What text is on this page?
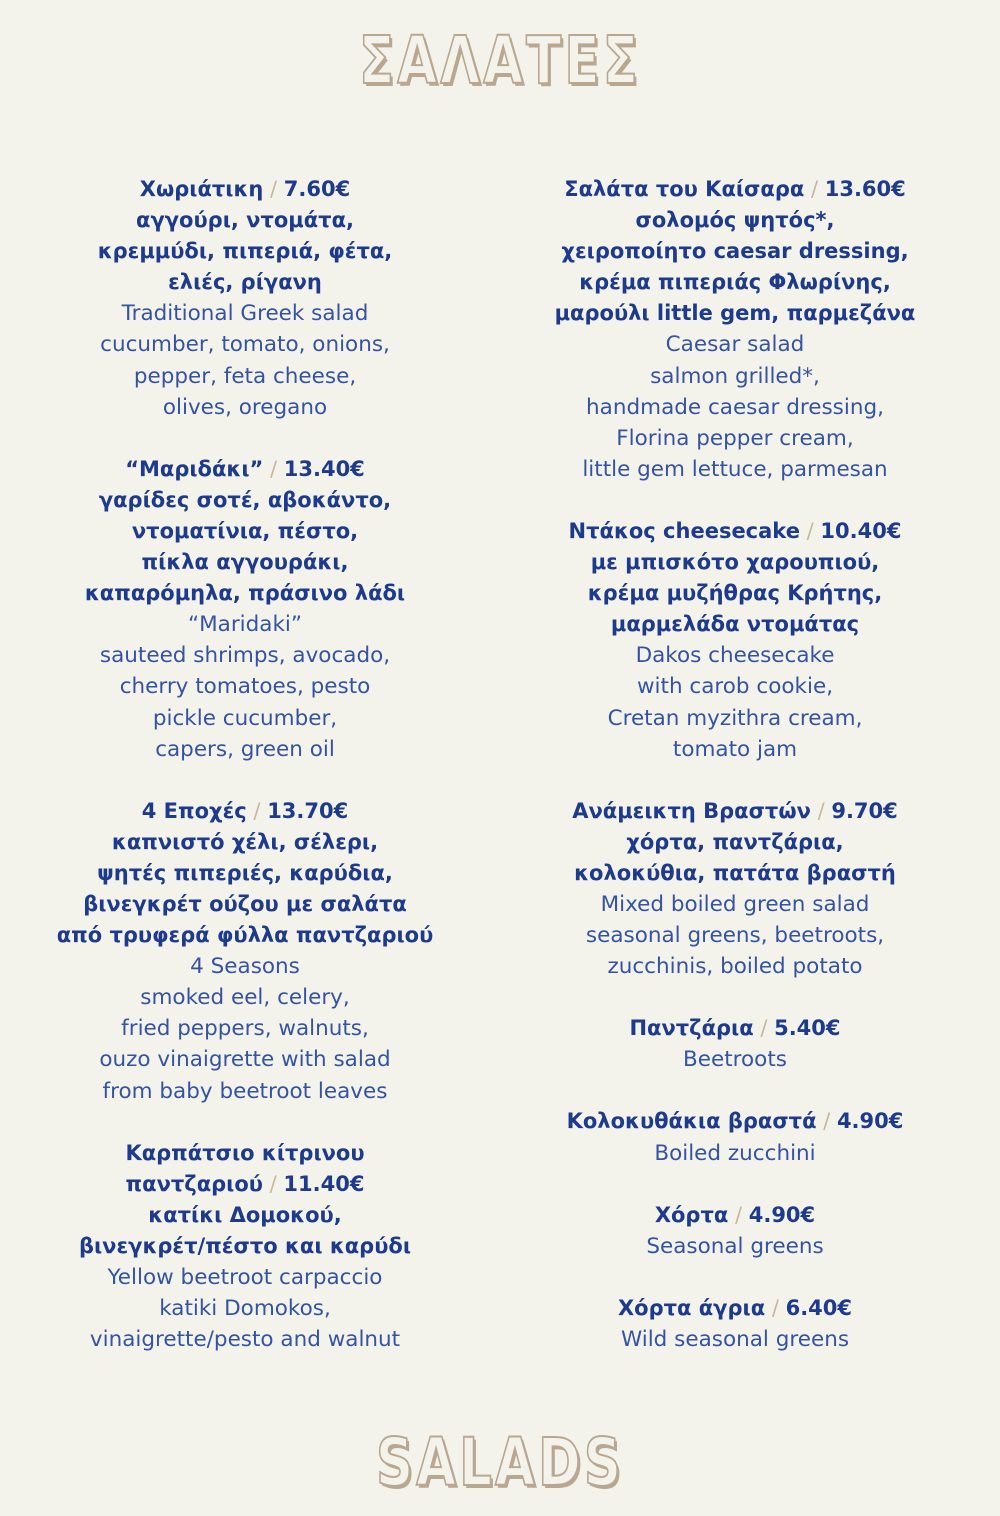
ΣΑΛΑΤΕΣ
Χωριάτικη / 7.60€
αγγούρι, ντομάτα,
κρεμμύδι, πιπεριά, φέτα,
ελιές, ρίγανη
Traditional Greek salad
cucumber, tomato, onions,
pepper, feta cheese,
olives, oregano
“Μαριδάκι” / 13.40€
γαρίδες σοτέ, αβοκάντο,
ντοματίνια, πέστο,
πίκλα αγγουράκι,
καπαρόμηλα, πράσινο λάδι
“Maridaki”
sauteed shrimps, avocado,
cherry tomatoes, pesto
pickle cucumber,
capers, green oil
4 Εποχές / 13.70€
καπνιστό χέλι, σέλερι,
ψητές πιπεριές, καρύδια,
βινεγκρέτ ούζου με σαλάτα
από τρυφερά φύλλα παντζαριού
4 Seasons
smoked eel, celery,
fried peppers, walnuts,
ouzo vinaigrette with salad
from baby beetroot leaves
Καρπάτσιο κίτρινου
παντζαριού / 11.40€
κατίκι Δομοκού,
βινεγκρέτ/πέστο και καρύδι
Yellow beetroot carpaccio
katiki Domokos,
vinaigrette/pesto and walnut
Σαλάτα του Καίσαρα / 13.60€
σολομός ψητός*,
χειροποίητο caesar dressing,
κρέμα πιπεριάς Φλωρίνης,
μαρούλι little gem, παρμεζάνα
Caesar salad
salmon grilled*,
handmade caesar dressing,
Florina pepper cream,
little gem lettuce, parmesan
Ντάκος cheesecake / 10.40€
με μπισκότο χαρουπιού,
κρέμα μυζήθρας Κρήτης,
μαρμελάδα ντομάτας
Dakos cheesecake
with carob cookie,
Cretan myzithra cream,
tomato jam
Ανάμεικτη Βραστών / 9.70€
χόρτα, παντζάρια,
κολοκύθια, πατάτα βραστή
Mixed boiled green salad
seasonal greens, beetroots,
zucchinis, boiled potato
Παντζάρια / 5.40€
Beetroots
Κολοκυθάκια βραστά / 4.90€
Boiled zucchini
Χόρτα / 4.90€
Seasonal greens
Χόρτα άγρια / 6.40€
Wild seasonal greens
SALADS
